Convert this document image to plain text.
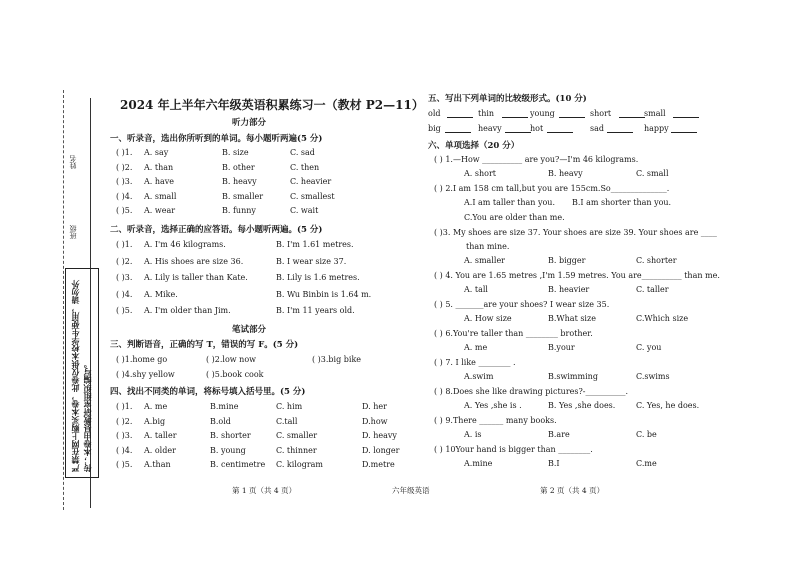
姓名
班级
严禁在网上购买本卷，此卷仅供本校学生使用，请勿外传；本卷由县教研室组织编写。
2024 年上半年六年级英语积累练习一（教材 P2—11）
听力部分
一、听录音，选出你所听到的单词。每小题听两遍(5 分)
( )1. A. say	B. size	C. sad
( )2. A. than	B. other	C. then
( )3. A. have	B. heavy	C. heavier
( )4. A. small	B. smaller	C. smallest
( )5. A. wear	B. funny	C. wait
二、听录音，选择正确的应答语。每小题听两遍。(5 分)
( )1. A. I'm 46 kilograms.	B. I'm 1.61 metres.
( )2. A. His shoes are size 36.	B. I wear size 37.
( )3. A. Lily is taller than Kate.	B. Lily is 1.6 metres.
( )4. A. Mike.	B. Wu Binbin is 1.64 m.
( )5. A. I'm older than Jim.	B. I'm 11 years old.
笔试部分
三、判断语音，正确的写 T，错误的写 F。(5 分)
( )1.home go	( )2.low now	( )3.big bike
( )4.shy yellow	( )5.book cook
四、找出不同类的单词，将标号填入括号里。(5 分)
( )1. A. me	B.mine	C. him	D. her
( )2. A.big	B.old	C.tall	D.how
( )3. A. taller	B. shorter	C. smaller	D. heavy
( )4. A. older	B. young	C. thinner	D. longer
( )5. A.than	B. centimetre C. kilogram	D.metre
五、写出下列单词的比较级形式。(10 分)
old	thin	young	short	small
big	heavy	hot	sad	happy
六、单项选择（20 分）
( ) 1.—How __________ are you?—I'm 46 kilograms.
A. short	B. heavy	C. small
( ) 2.I am 158 cm tall,but you are 155cm.So______________.
A.I am taller than you. B.I am shorter than you.
C.You are older than me.
( )3. My shoes are size 37. Your shoes are size 39. Your shoes are ____
than mine.
A. smaller	B. bigger	C. shorter
( ) 4. You are 1.65 metres ,I'm 1.59 metres. You are__________ than me.
A. tall	B. heavier	C. taller
( ) 5. _______are your shoes? I wear size 35.
A. How size	B.What size	C.Which size
( ) 6.You're taller than ________ brother.
A. me	B.your	C. you
( ) 7. I like ________ .
A.swim	B.swimming	C.swims
( ) 8.Does she like drawing pictures?-__________.
A. Yes ,she is .	B. Yes ,she does.	C. Yes, he does.
( ) 9.There ______ many books.
A. is	B.are	C. be
( ) 10Your hand is bigger than ________.
A.mine	B.I	C.me
第 1 页（共 4 页）	六年级英语	第 2 页（共 4 页）
